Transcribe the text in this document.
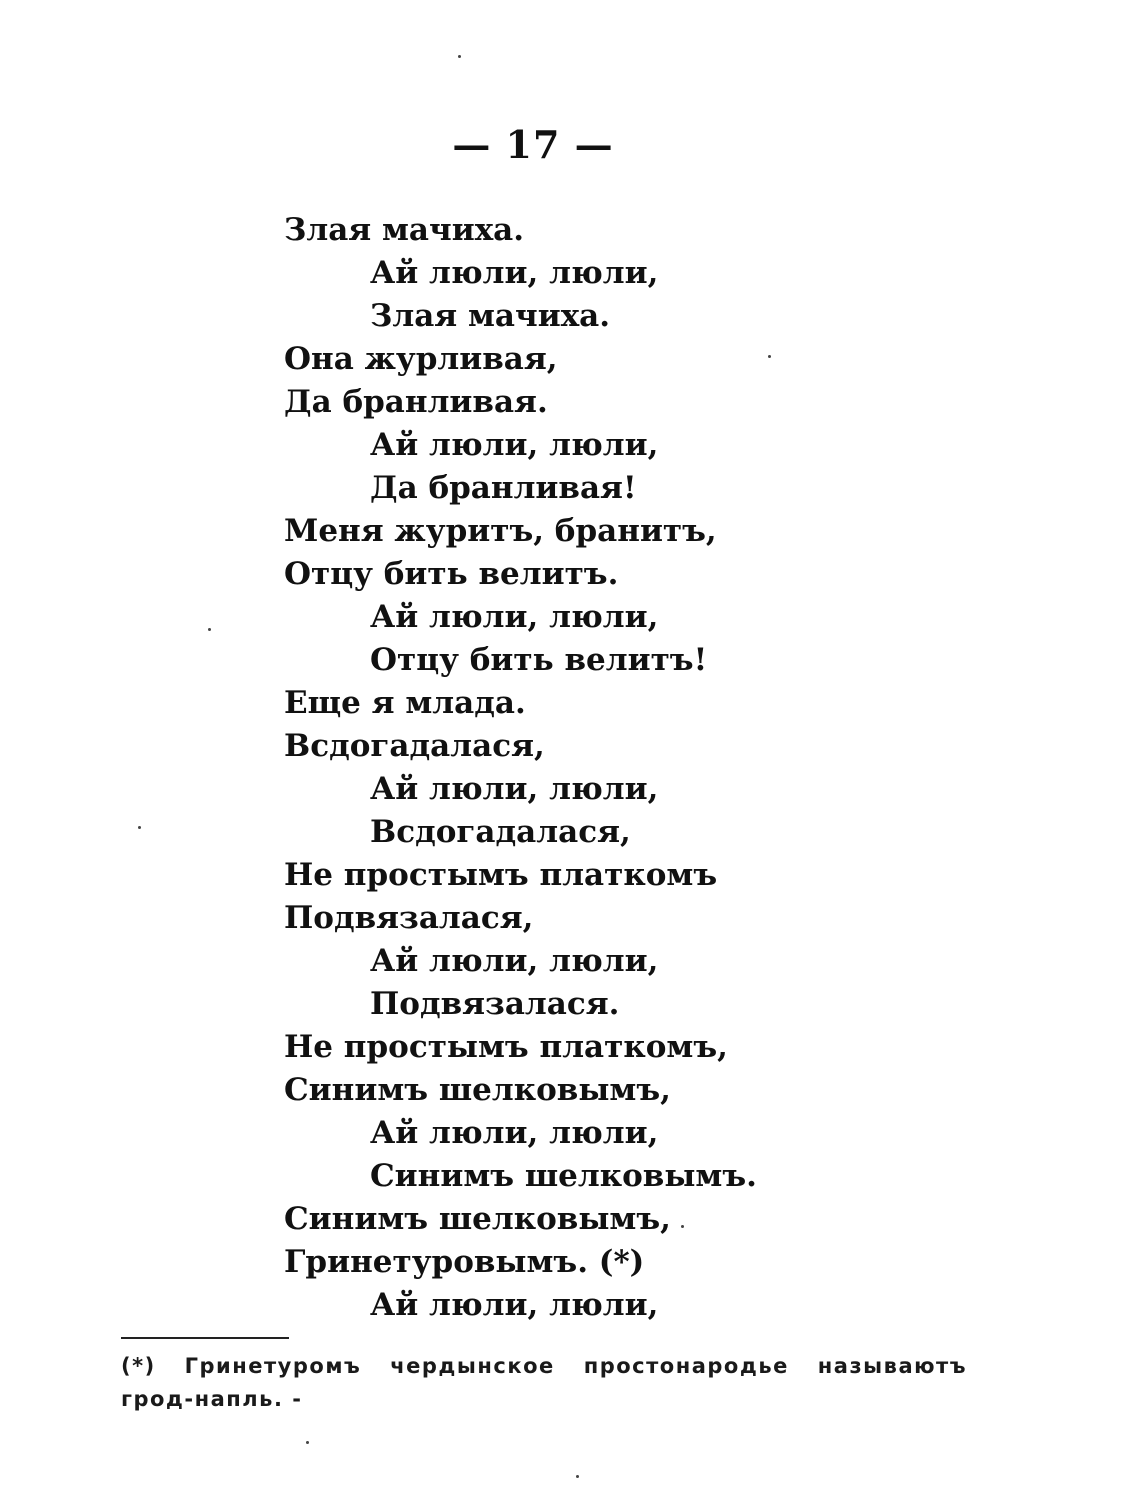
— 17 —
Злая мачиха.
Ай люли, люли,
Злая мачиха.
Она журливая,
Да бранливая.
Ай люли, люли,
Да бранливая!
Меня журитъ, бранитъ,
Отцу бить велитъ.
Ай люли, люли,
Отцу бить велитъ!
Еще я млада.
Всдогадалася,
Ай люли, люли,
Всдогадалася,
Не простымъ платкомъ
Подвязалася,
Ай люли, люли,
Подвязалася.
Не простымъ платкомъ,
Синимъ шелковымъ,
Ай люли, люли,
Синимъ шелковымъ.
Синимъ шелковымъ,
Гринетуровымъ. (*)
Ай люли, люли,
(*) Гринетуромъ чердынское простонародье называютъ грод-напль. -
